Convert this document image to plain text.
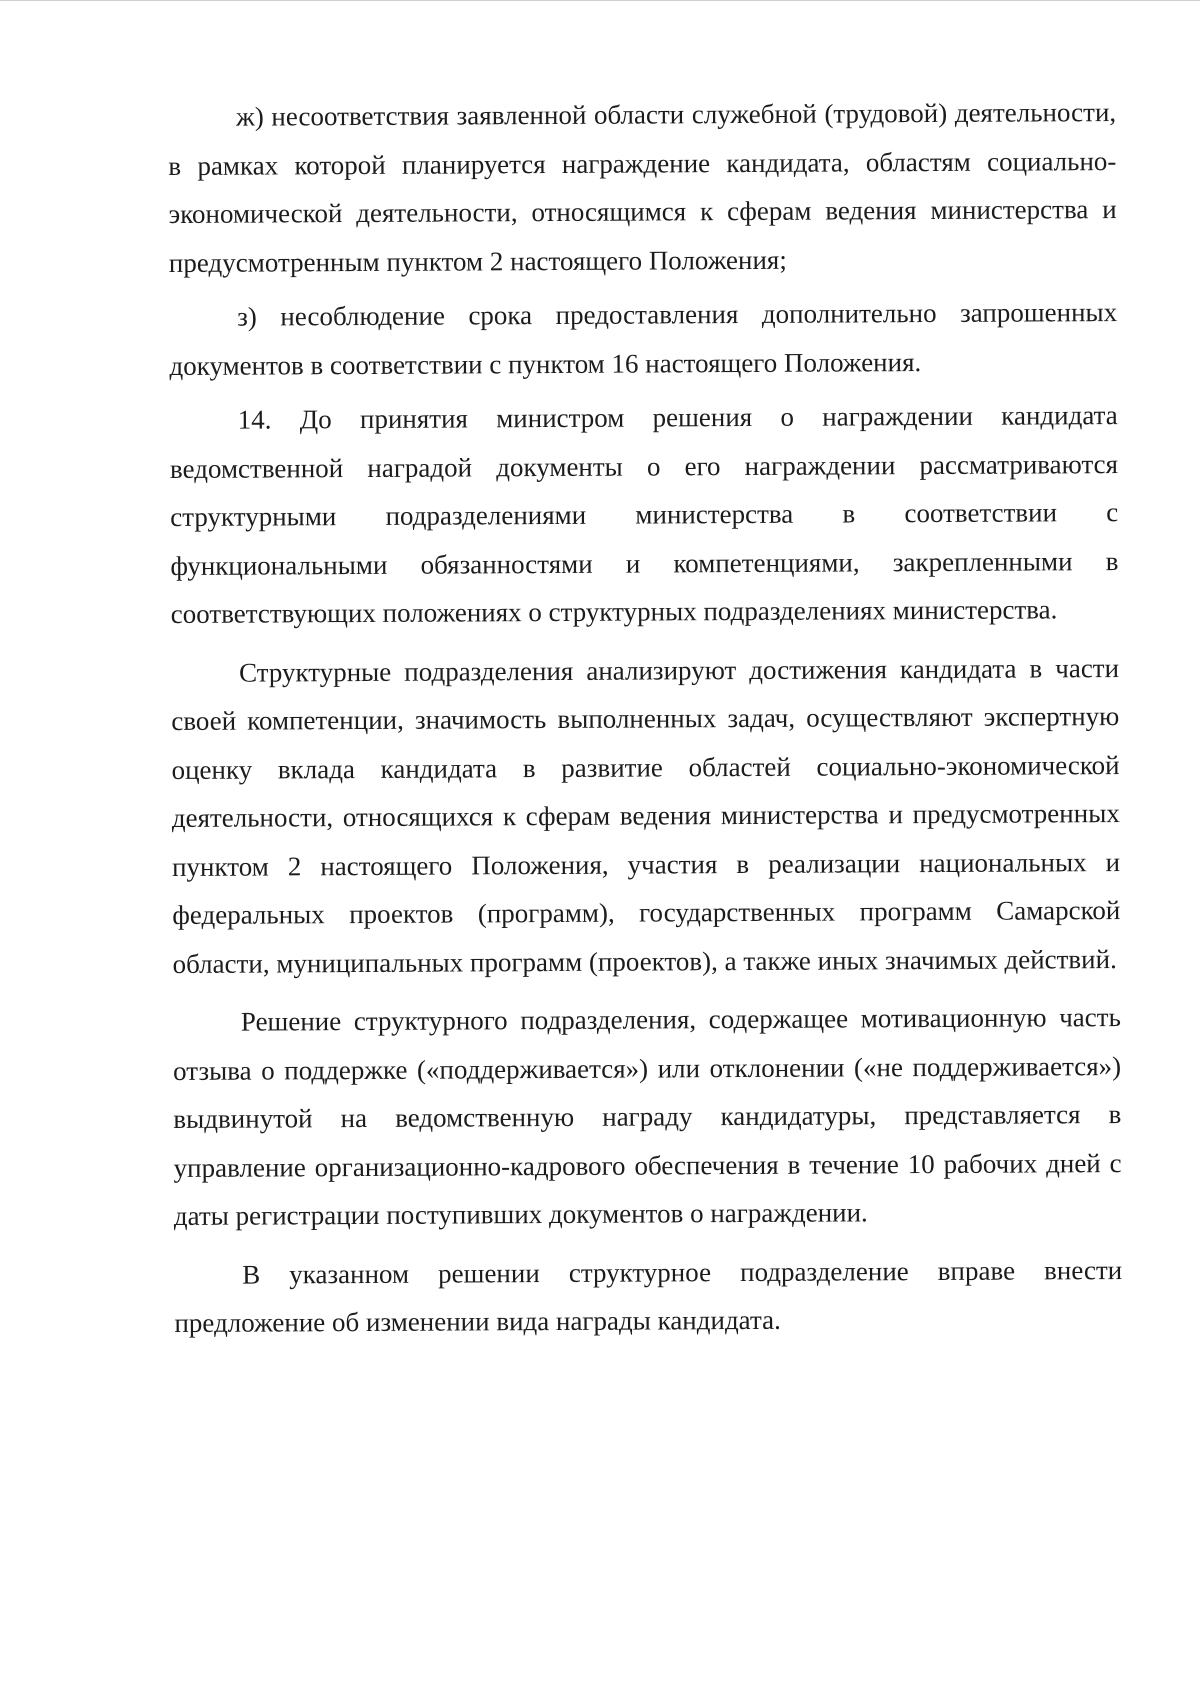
ж) несоответствия заявленной области служебной (трудовой) деятельности, в рамках которой планируется награждение кандидата, областям социально-экономической деятельности, относящимся к сферам ведения министерства и предусмотренным пунктом 2 настоящего Положения;

з) несоблюдение срока предоставления дополнительно запрошенных документов в соответствии с пунктом 16 настоящего Положения.

14. До принятия министром решения о награждении кандидата ведомственной наградой документы о его награждении рассматриваются структурными подразделениями министерства в соответствии с функциональными обязанностями и компетенциями, закрепленными в соответствующих положениях о структурных подразделениях министерства.

Структурные подразделения анализируют достижения кандидата в части своей компетенции, значимость выполненных задач, осуществляют экспертную оценку вклада кандидата в развитие областей социально-экономической деятельности, относящихся к сферам ведения министерства и предусмотренных пунктом 2 настоящего Положения, участия в реализации национальных и федеральных проектов (программ), государственных программ Самарской области, муниципальных программ (проектов), а также иных значимых действий.

Решение структурного подразделения, содержащее мотивационную часть отзыва о поддержке («поддерживается») или отклонении («не поддерживается») выдвинутой на ведомственную награду кандидатуры, представляется в управление организационно-кадрового обеспечения в течение 10 рабочих дней с даты регистрации поступивших документов о награждении.

В указанном решении структурное подразделение вправе внести предложение об изменении вида награды кандидата.
